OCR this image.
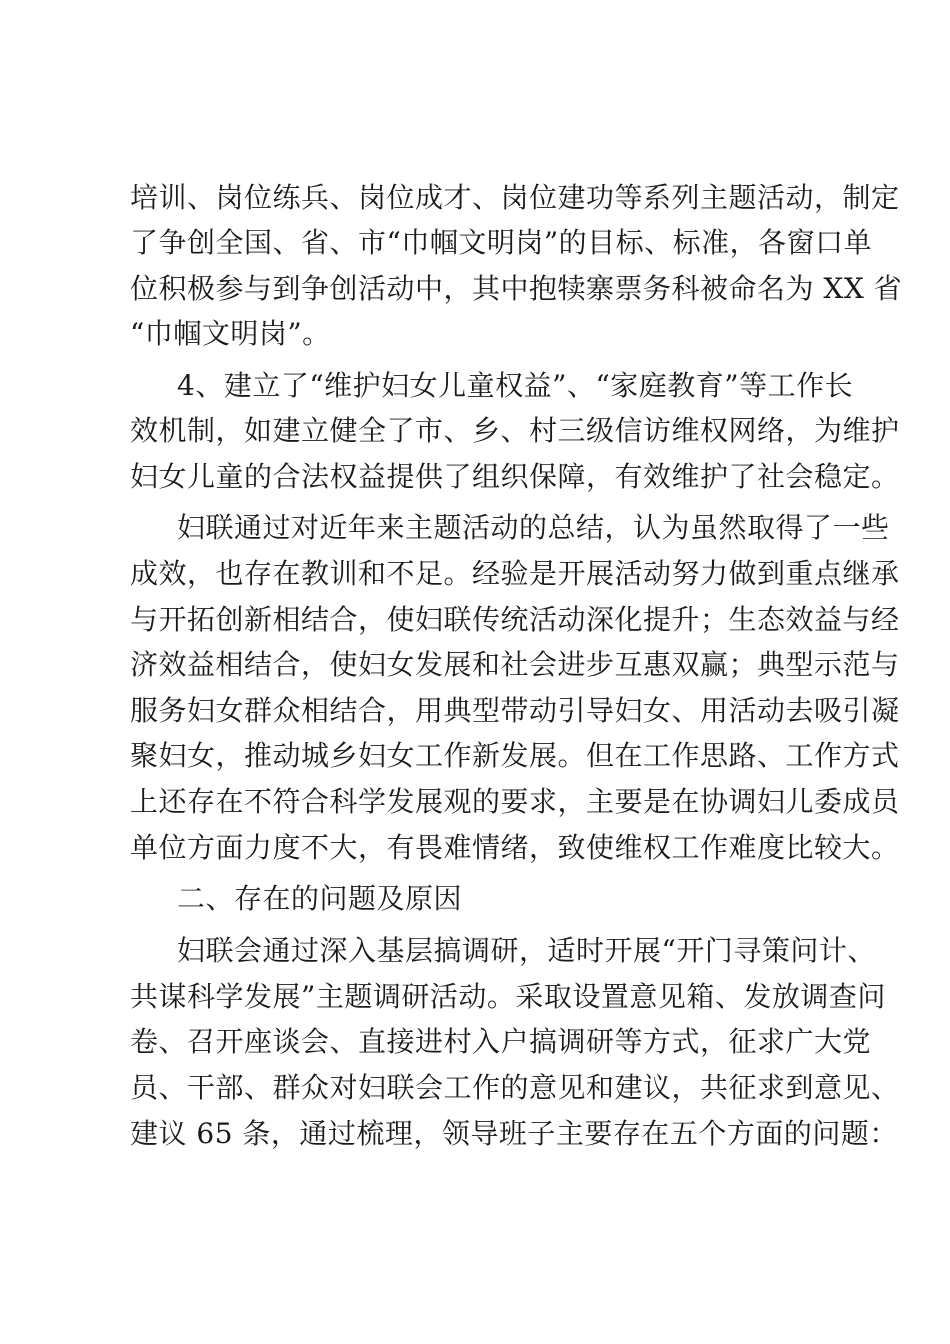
培训、岗位练兵、岗位成才、岗位建功等系列主题活动，制定

了争创全国、省、市“巾帼文明岗”的目标、标准，各窗口单

位积极参与到争创活动中，其中抱犊寨票务科被命名为 XX 省

“巾帼文明岗”。

4、建立了“维护妇女儿童权益”、“家庭教育”等工作长

效机制，如建立健全了市、乡、村三级信访维权网络，为维护

妇女儿童的合法权益提供了组织保障，有效维护了社会稳定。

妇联通过对近年来主题活动的总结，认为虽然取得了一些

成效，也存在教训和不足。经验是开展活动努力做到重点继承

与开拓创新相结合，使妇联传统活动深化提升；生态效益与经

济效益相结合，使妇女发展和社会进步互惠双赢；典型示范与

服务妇女群众相结合，用典型带动引导妇女、用活动去吸引凝

聚妇女，推动城乡妇女工作新发展。但在工作思路、工作方式

上还存在不符合科学发展观的要求，主要是在协调妇儿委成员

单位方面力度不大，有畏难情绪，致使维权工作难度比较大。

二、存在的问题及原因

妇联会通过深入基层搞调研，适时开展“开门寻策问计、

共谋科学发展”主题调研活动。采取设置意见箱、发放调查问

卷、召开座谈会、直接进村入户搞调研等方式，征求广大党

员、干部、群众对妇联会工作的意见和建议，共征求到意见、

建议 65 条，通过梳理，领导班子主要存在五个方面的问题：
